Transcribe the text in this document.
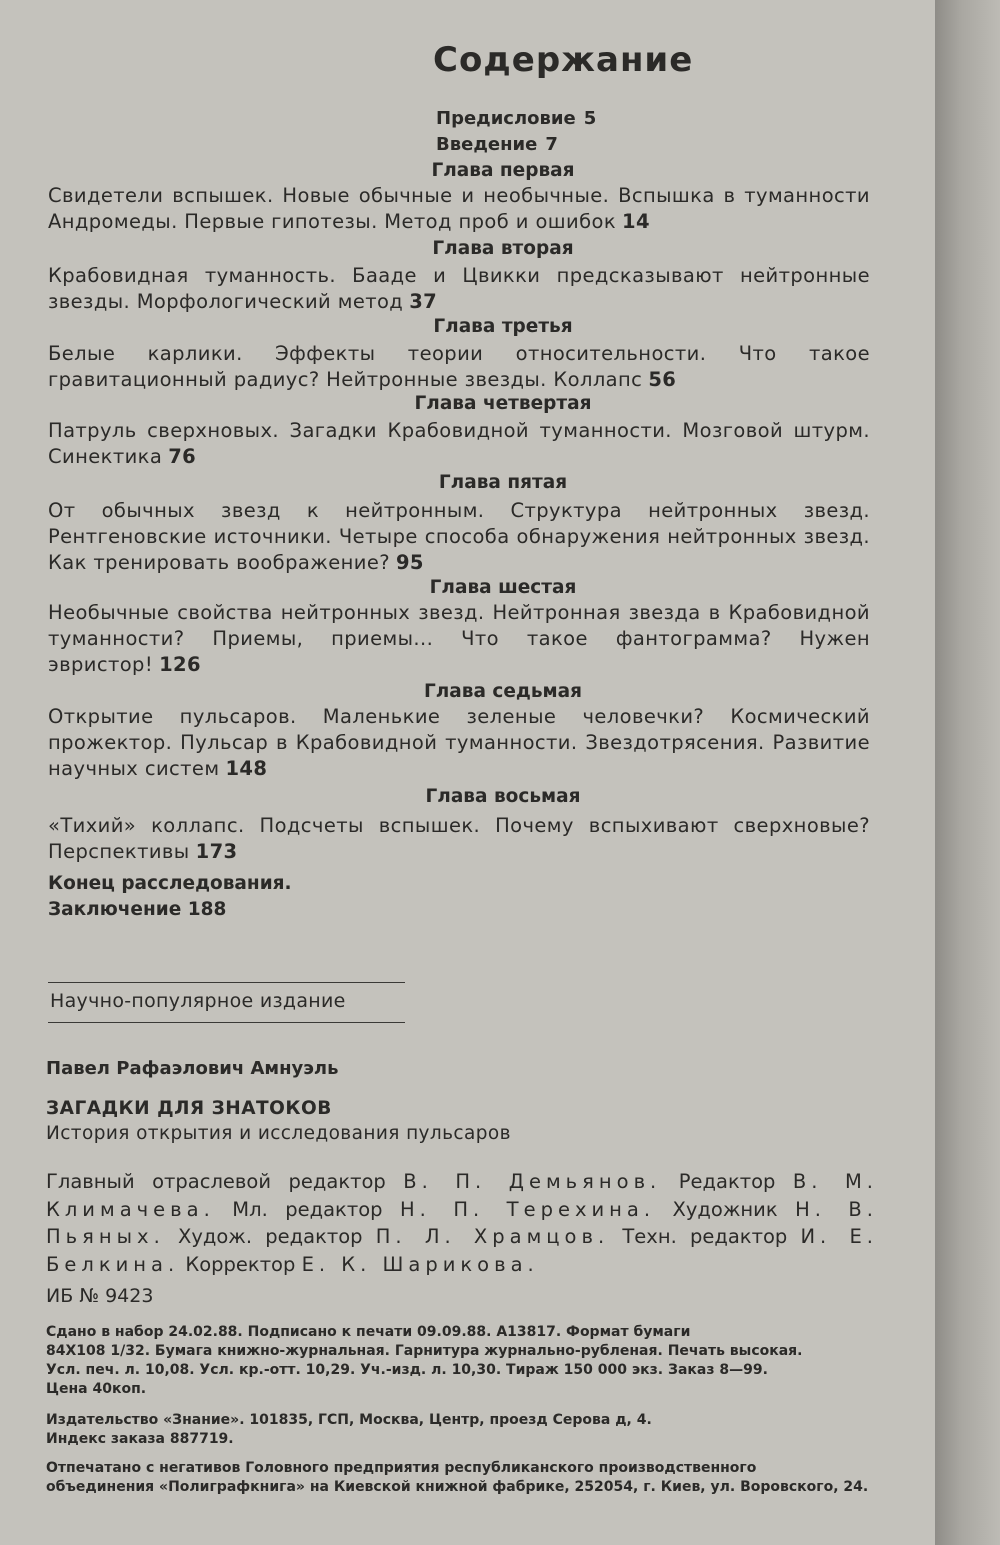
Содержание
Предисловие 5
Введение 7
Глава первая
Свидетели вспышек. Новые обычные и необычные. Вспышка в туманности Андромеды. Первые гипотезы. Метод проб и ошибок 14
Глава вторая
Крабовидная туманность. Бааде и Цвикки предсказывают нейтронные звезды. Морфологический метод 37
Глава третья
Белые карлики. Эффекты теории относительности. Что такое гравитационный радиус? Нейтронные звезды. Коллапс 56
Глава четвертая
Патруль сверхновых. Загадки Крабовидной туманности. Мозговой штурм. Синектика 76
Глава пятая
От обычных звезд к нейтронным. Структура нейтронных звезд. Рентгеновские источники. Четыре способа обнаружения нейтронных звезд. Как тренировать воображение? 95
Глава шестая
Необычные свойства нейтронных звезд. Нейтронная звезда в Крабовидной туманности? Приемы, приемы... Что такое фантограмма? Нужен эвристор! 126
Глава седьмая
Открытие пульсаров. Маленькие зеленые человечки? Космический прожектор. Пульсар в Крабовидной туманности. Звездотрясения. Развитие научных систем 148
Глава восьмая
«Тихий» коллапс. Подсчеты вспышек. Почему вспыхивают сверхновые? Перспективы 173
Конец расследования.
Заключение 188
Научно-популярное издание
Павел Рафаэлович Амнуэль
ЗАГАДКИ ДЛЯ ЗНАТОКОВ
История открытия и исследования пульсаров
Главный отраслевой редактор В. П. Демьянов. Редактор В. М. Климачева. Мл. редактор Н. П. Терехина. Художник Н. В. Пьяных. Худож. редактор П. Л. Храмцов. Техн. редактор И. Е. Белкина. Корректор Е. К. Шарикова.
ИБ № 9423
Сдано в набор 24.02.88. Подписано к печати 09.09.88. А13817. Формат бумаги
84X108 1/32. Бумага книжно-журнальная. Гарнитура журнально-рубленая. Печать высокая.
Усл. печ. л. 10,08. Усл. кр.-отт. 10,29. Уч.-изд. л. 10,30. Тираж 150 000 экз. Заказ 8—99.
Цена 40коп.
Издательство «Знание». 101835, ГСП, Москва, Центр, проезд Серова д, 4.
Индекс заказа 887719.
Отпечатано с негативов Головного предприятия республиканского производственного
объединения «Полиграфкнига» на Киевской книжной фабрике, 252054, г. Киев, ул. Воровского, 24.
